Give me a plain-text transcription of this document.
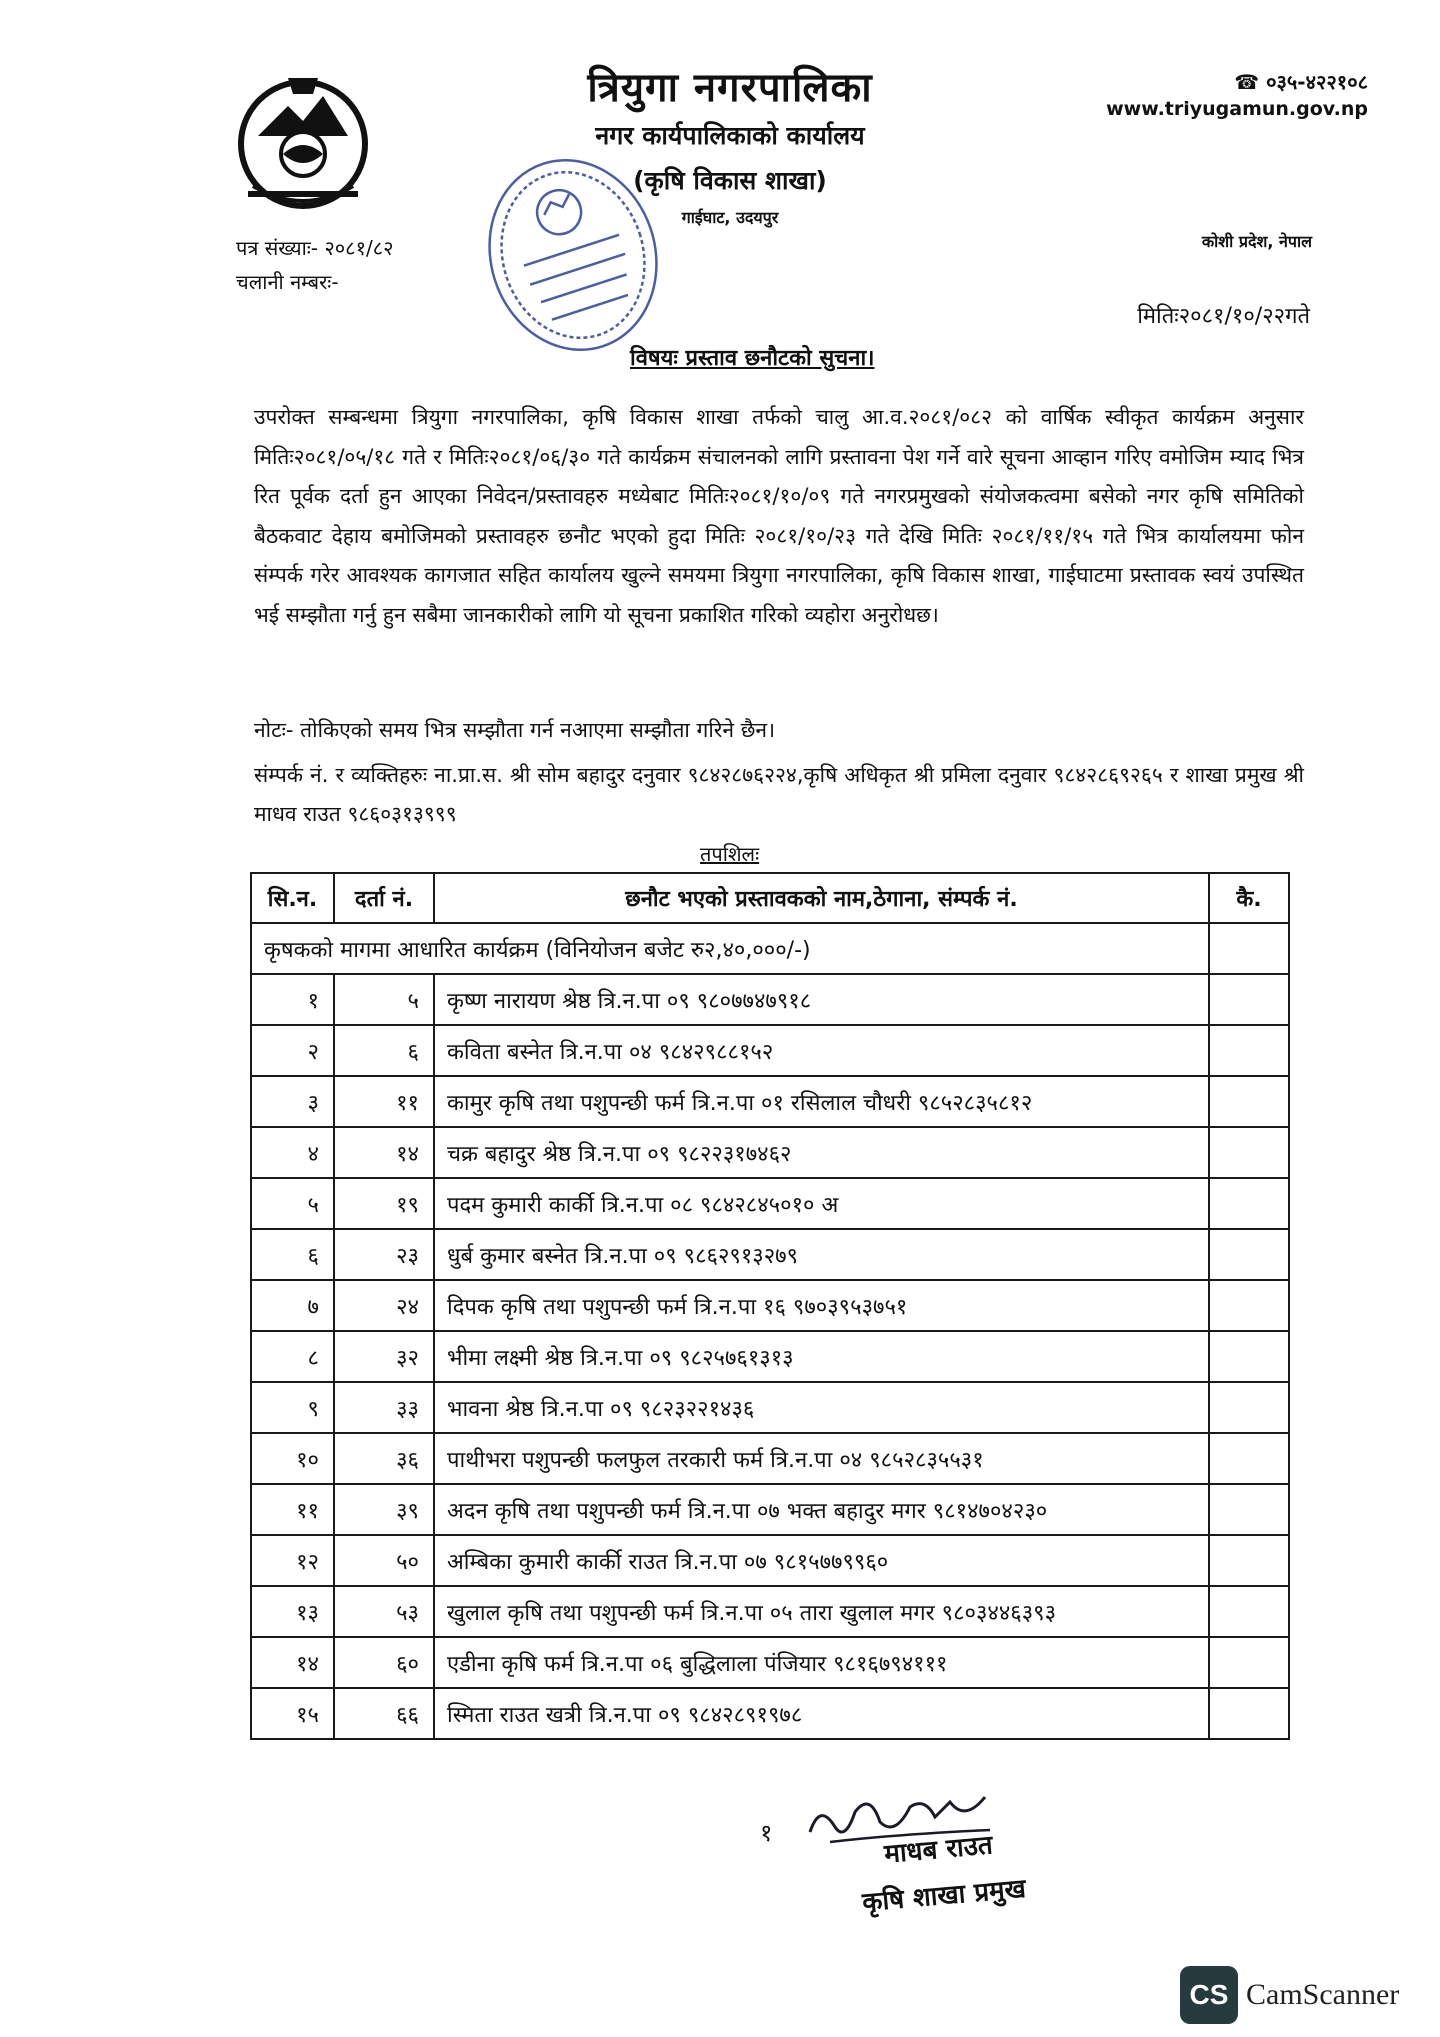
त्रियुगा नगरपालिका
नगर कार्यपालिकाको कार्यालय
(कृषि विकास शाखा)
गाईघाट, उदयपुर
☎ ०३५-४२२१०८
www.triyugamun.gov.np
कोशी प्रदेश, नेपाल
पत्र संख्याः- २०८१/८२
चलानी नम्बरः-
मितिः२०८१/१०/२२गते
विषयः प्रस्ताव छनौटको सुचना।

उपरोक्त सम्बन्धमा त्रियुगा नगरपालिका, कृषि विकास शाखा तर्फको चालु आ.व.२०८१/०८२ को वार्षिक स्वीकृत कार्यक्रम अनुसार मितिः२०८१/०५/१८ गते र मितिः२०८१/०६/३० गते कार्यक्रम संचालनको लागि प्रस्तावना पेश गर्ने वारे सूचना आव्हान गरिए वमोजिम म्याद भित्र रित पूर्वक दर्ता हुन आएका निवेदन/प्रस्तावहरु मध्येबाट मितिः२०८१/१०/०९ गते नगरप्रमुखको संयोजकत्वमा बसेको नगर कृषि समितिको बैठकवाट देहाय बमोजिमको प्रस्तावहरु छनौट भएको हुदा मितिः २०८१/१०/२३ गते देखि मितिः २०८१/११/१५ गते भित्र कार्यालयमा फोन संम्पर्क गरेर आवश्यक कागजात सहित कार्यालय खुल्ने समयमा त्रियुगा नगरपालिका, कृषि विकास शाखा, गाईघाटमा प्रस्तावक स्वयं उपस्थित भई सम्झौता गर्नु हुन सबैमा जानकारीको लागि यो सूचना प्रकाशित गरिको व्यहोरा अनुरोधछ।

नोटः- तोकिएको समय भित्र सम्झौता गर्न नआएमा सम्झौता गरिने छैन।

संम्पर्क नं. र व्यक्तिहरुः ना.प्रा.स. श्री सोम बहादुर दनुवार ९८४२८७६२२४,कृषि अधिकृत श्री प्रमिला दनुवार ९८४२८६९२६५ र शाखा प्रमुख श्री माधव राउत ९८६०३१३९९९

तपशिलः
सि.न.	दर्ता नं.	छनौट भएको प्रस्तावकको नाम,ठेगाना, संम्पर्क नं.	कै.
कृषकको मागमा आधारित कार्यक्रम (विनियोजन बजेट रु२,४०,०००/-)			
१	५	कृष्ण नारायण श्रेष्ठ त्रि.न.पा ०९ ९८०७७४७९१८	
२	६	कविता बस्नेत त्रि.न.पा ०४ ९८४२९८८१५२	
३	११	कामुर कृषि तथा पशुपन्छी फर्म त्रि.न.पा ०१ रसिलाल चौधरी ९८५२८३५८१२	
४	१४	चक्र बहादुर श्रेष्ठ त्रि.न.पा ०९ ९८२२३१७४६२	
५	१९	पदम कुमारी कार्की त्रि.न.पा ०८ ९८४२८४५०१० अ	
६	२३	धुर्ब कुमार बस्नेत त्रि.न.पा ०९ ९८६२९१३२७९	
७	२४	दिपक कृषि तथा पशुपन्छी फर्म त्रि.न.पा १६ ९७०३९५३७५१	
८	३२	भीमा लक्ष्मी श्रेष्ठ त्रि.न.पा ०९ ९८२५७६१३१३	
९	३३	भावना श्रेष्ठ त्रि.न.पा ०९ ९८२३२२१४३६	
१०	३६	पाथीभरा पशुपन्छी फलफुल तरकारी फर्म त्रि.न.पा ०४ ९८५२८३५५३१	
११	३९	अदन कृषि तथा पशुपन्छी फर्म त्रि.न.पा ०७ भक्त बहादुर मगर ९८१४७०४२३०	
१२	५०	अम्बिका कुमारी कार्की राउत त्रि.न.पा ०७ ९८१५७७९९६०	
१३	५३	खुलाल कृषि तथा पशुपन्छी फर्म त्रि.न.पा ०५ तारा खुलाल मगर ९८०३४४६३९३	
१४	६०	एडीना कृषि फर्म त्रि.न.पा ०६ बुद्धिलाला पंजियार ९८१६७९४१११	
१५	६६	स्मिता राउत खत्री त्रि.न.पा ०९ ९८४२८९१९७८	
१	माधब राउत
कृषि शाखा प्रमुख
CS CamScanner
